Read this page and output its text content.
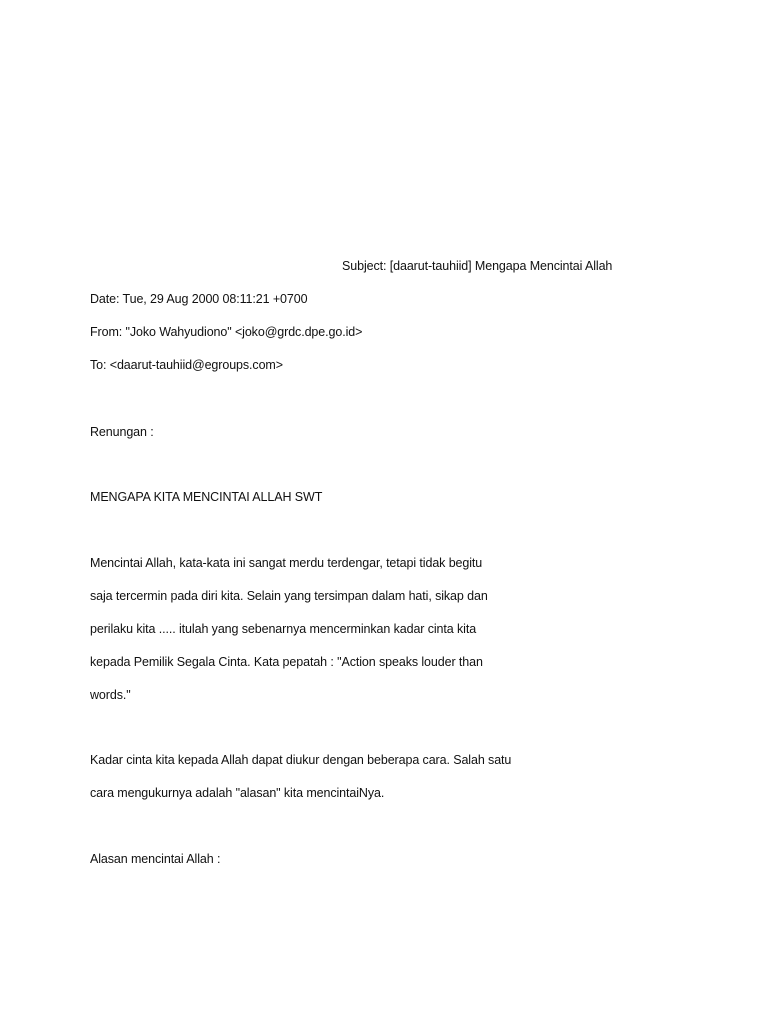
Subject: [daarut-tauhiid] Mengapa Mencintai Allah
Date: Tue, 29 Aug 2000 08:11:21 +0700
From: "Joko Wahyudiono" <joko@grdc.dpe.go.id>
To: <daarut-tauhiid@egroups.com>
Renungan :
MENGAPA KITA MENCINTAI ALLAH SWT
Mencintai Allah, kata-kata ini sangat merdu terdengar, tetapi tidak begitu
saja tercermin pada diri kita. Selain yang tersimpan dalam hati, sikap dan
perilaku kita ..... itulah yang sebenarnya mencerminkan kadar cinta kita
kepada Pemilik Segala Cinta. Kata pepatah : "Action speaks louder than
words."
Kadar cinta kita kepada Allah dapat diukur dengan beberapa cara. Salah satu
cara mengukurnya adalah "alasan" kita mencintaiNya.
Alasan mencintai Allah :
